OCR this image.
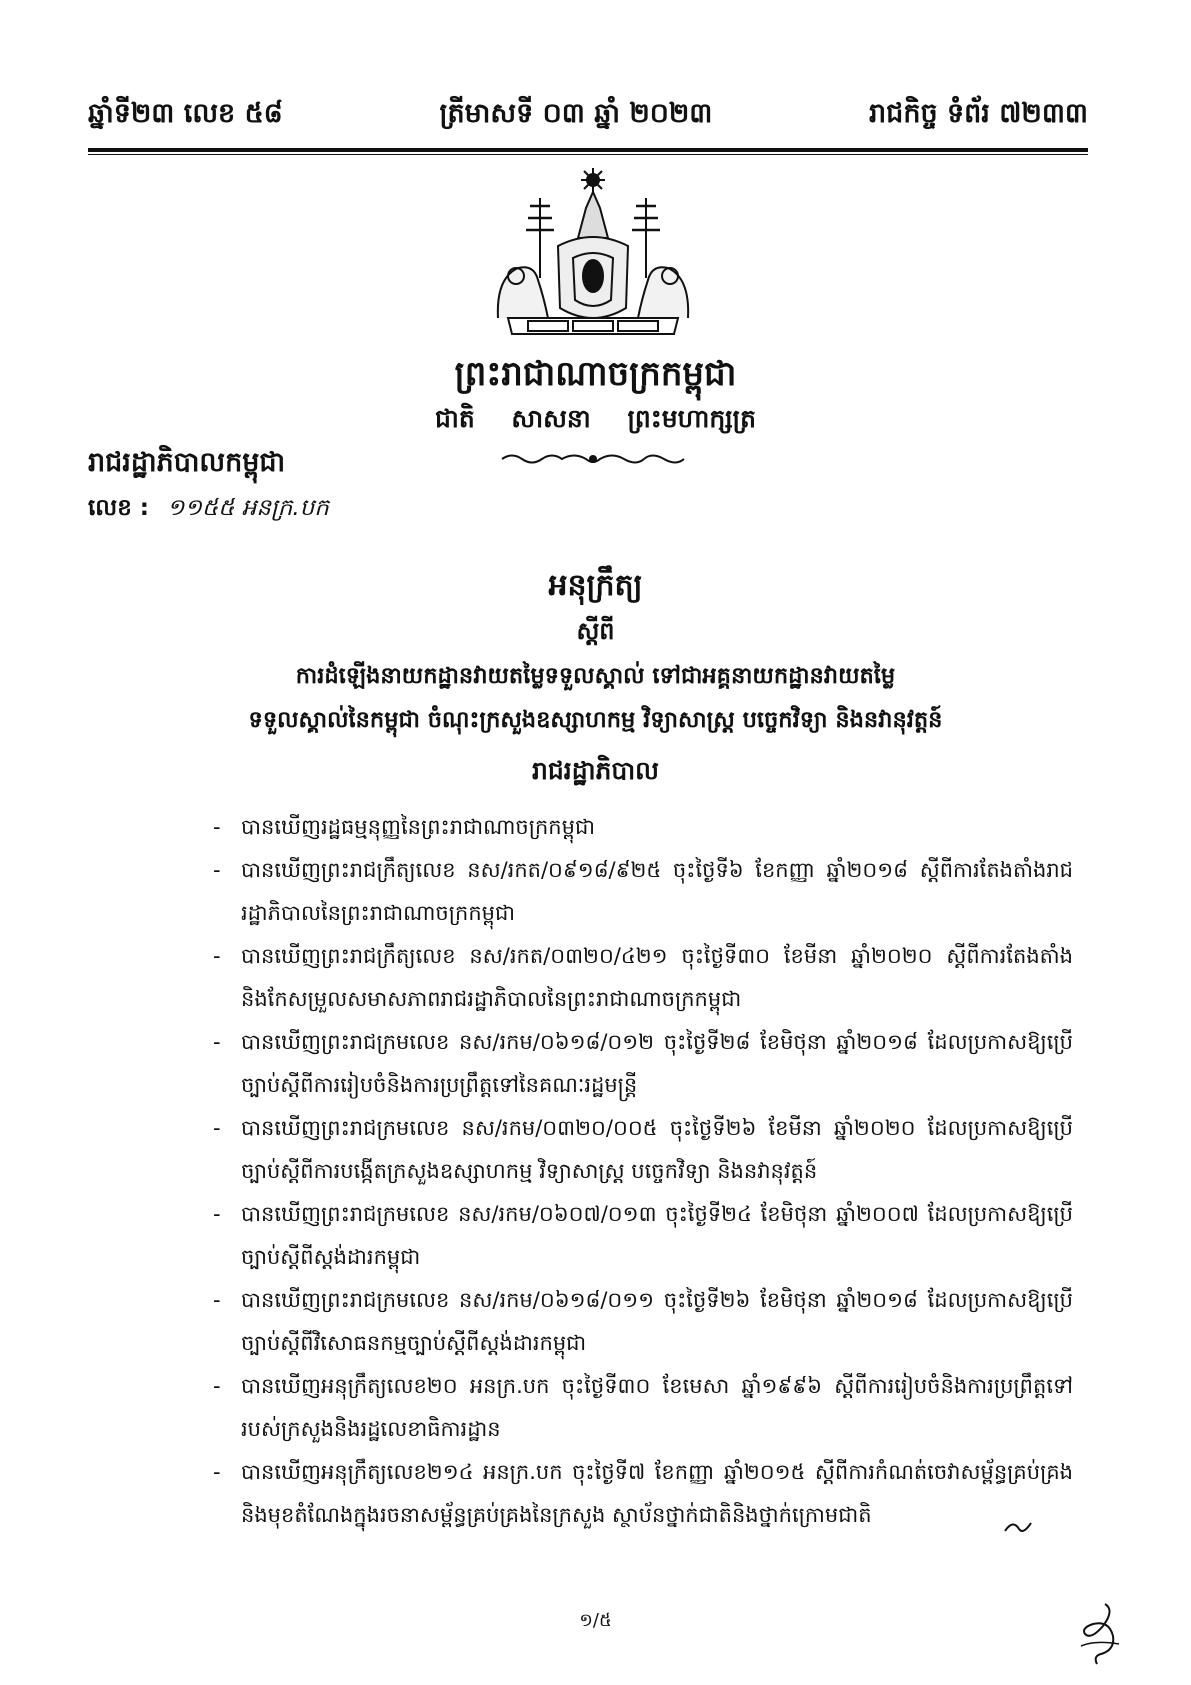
ឆ្នាំទី២៣ លេខ ៥៨	ត្រីមាសទី ០៣ ឆ្នាំ ២០២៣	រាជកិច្ច ទំព័រ ៧២៣៣
ព្រះរាជាណាចក្រកម្ពុជា
ជាតិ សាសនា ព្រះមហាក្សត្រ
រាជរដ្ឋាភិបាលកម្ពុជា
លេខ : ១១៥៥ អនក្រ.បក
អនុក្រឹត្យ
ស្តីពី
ការដំឡើងនាយកដ្ឋានវាយតម្លៃទទួលស្គាល់ ទៅជាអគ្គនាយកដ្ឋានវាយតម្លៃ
ទទួលស្គាល់នៃកម្ពុជា ចំណុះក្រសួងឧស្សាហកម្ម វិទ្យាសាស្ត្រ បច្ចេកវិទ្យា និងនវានុវត្តន៍
រាជរដ្ឋាភិបាល
- បានឃើញរដ្ឋធម្មនុញ្ញនៃព្រះរាជាណាចក្រកម្ពុជា
- បានឃើញព្រះរាជក្រឹត្យលេខ នស/រកត/០៩១៨/៩២៥ ចុះថ្ងៃទី៦ ខែកញ្ញា ឆ្នាំ២០១៨ ស្តីពីការតែងតាំងរាជរដ្ឋាភិបាលនៃព្រះរាជាណាចក្រកម្ពុជា
- បានឃើញព្រះរាជក្រឹត្យលេខ នស/រកត/០៣២០/៤២១ ចុះថ្ងៃទី៣០ ខែមីនា ឆ្នាំ២០២០ ស្តីពីការតែងតាំងនិងកែសម្រួលសមាសភាពរាជរដ្ឋាភិបាលនៃព្រះរាជាណាចក្រកម្ពុជា
- បានឃើញព្រះរាជក្រមលេខ នស/រកម/០៦១៨/០១២ ចុះថ្ងៃទី២៨ ខែមិថុនា ឆ្នាំ២០១៨ ដែលប្រកាសឱ្យប្រើច្បាប់ស្តីពីការរៀបចំនិងការប្រព្រឹត្តទៅនៃគណៈរដ្ឋមន្ត្រី
- បានឃើញព្រះរាជក្រមលេខ នស/រកម/០៣២០/០០៥ ចុះថ្ងៃទី២៦ ខែមីនា ឆ្នាំ២០២០ ដែលប្រកាសឱ្យប្រើច្បាប់ស្តីពីការបង្កើតក្រសួងឧស្សាហកម្ម វិទ្យាសាស្ត្រ បច្ចេកវិទ្យា និងនវានុវត្តន៍
- បានឃើញព្រះរាជក្រមលេខ នស/រកម/០៦០៧/០១៣ ចុះថ្ងៃទី២៤ ខែមិថុនា ឆ្នាំ២០០៧ ដែលប្រកាសឱ្យប្រើច្បាប់ស្តីពីស្តង់ដារកម្ពុជា
- បានឃើញព្រះរាជក្រមលេខ នស/រកម/០៦១៨/០១១ ចុះថ្ងៃទី២៦ ខែមិថុនា ឆ្នាំ២០១៨ ដែលប្រកាសឱ្យប្រើច្បាប់ស្តីពីវិសោធនកម្មច្បាប់ស្តីពីស្តង់ដារកម្ពុជា
- បានឃើញអនុក្រឹត្យលេខ២០ អនក្រ.បក ចុះថ្ងៃទី៣០ ខែមេសា ឆ្នាំ១៩៩៦ ស្តីពីការរៀបចំនិងការប្រព្រឹត្តទៅរបស់ក្រសួងនិងរដ្ឋលេខាធិការដ្ឋាន
- បានឃើញអនុក្រឹត្យលេខ២១៤ អនក្រ.បក ចុះថ្ងៃទី៧ ខែកញ្ញា ឆ្នាំ២០១៥ ស្តីពីការកំណត់ចេវាសម្ព័ន្ធគ្រប់គ្រងនិងមុខតំណែងក្នុងរចនាសម្ព័ន្ធគ្រប់គ្រងនៃក្រសួង ស្ថាប័នថ្នាក់ជាតិនិងថ្នាក់ក្រោមជាតិ
១/៥
